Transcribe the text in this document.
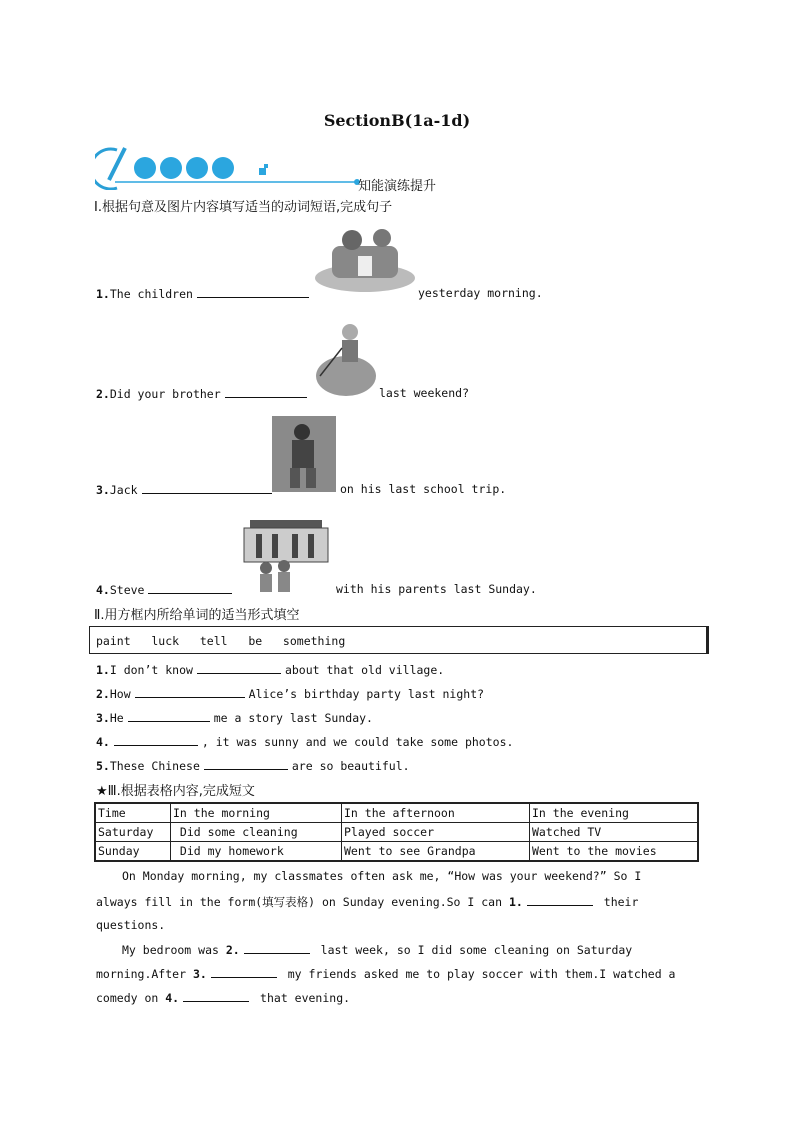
SectionB(1a-1d)
知能演练提升
Ⅰ.根据句意及图片内容填写适当的动词短语,完成句子
1.The children	yesterday morning.
2.Did your brother	last weekend?
3.Jack	on his last school trip.
4.Steve	with his parents last Sunday.
Ⅱ.用方框内所给单词的适当形式填空
paint   luck   tell   be   something
1.I don’t know	about that old village.
2.How	Alice’s birthday party last night?
3.He	me a story last Sunday.
4.	, it was sunny and we could take some photos.
5.These Chinese	are so beautiful.
★Ⅲ.根据表格内容,完成短文
Time	In the morning	In the afternoon	In the evening
Saturday	Did some cleaning	Played soccer	Watched TV
Sunday	Did my homework	Went to see Grandpa	Went to the movies
On Monday morning, my classmates often ask me, “How was your weekend?” So I
always fill in the form(填写表格) on Sunday evening.So I can 1.	their
questions.
My bedroom was 2.	last week, so I did some cleaning on Saturday
morning.After 3.	my friends asked me to play soccer with them.I watched a
comedy on 4.	that evening.
